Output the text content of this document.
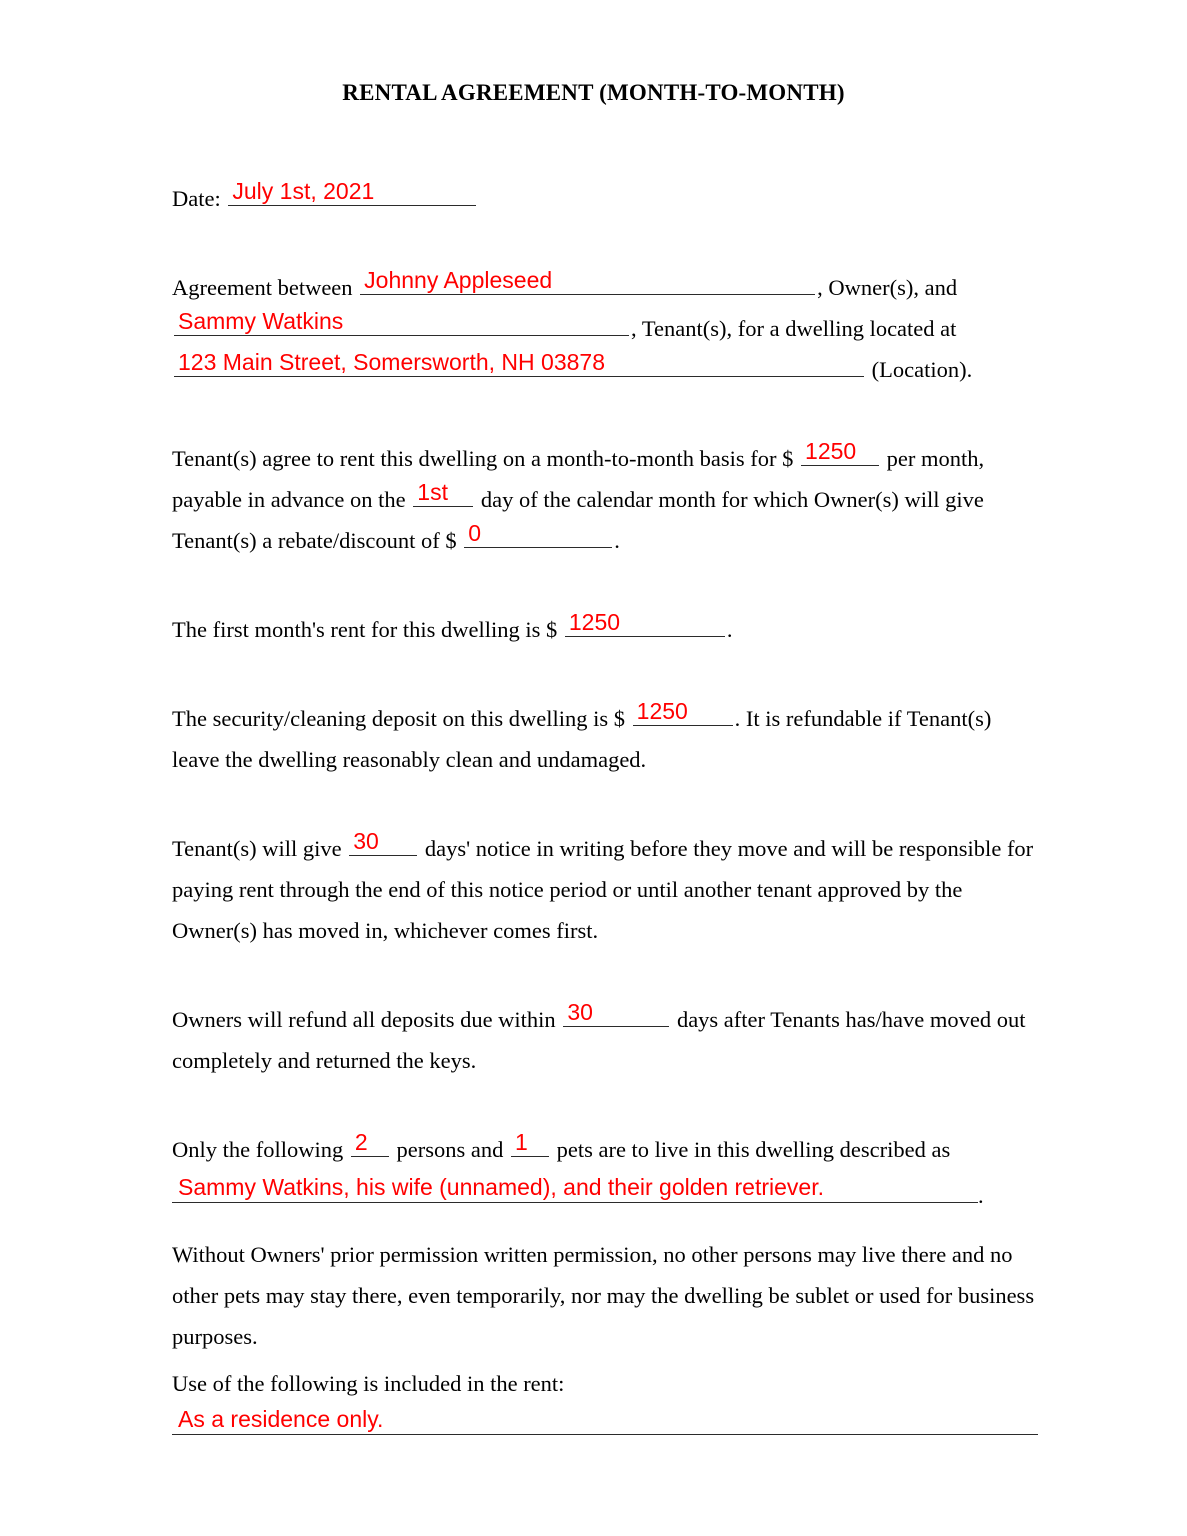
RENTAL AGREEMENT (MONTH-TO-MONTH)
Date: July 1st, 2021
Agreement between Johnny Appleseed	, Owner(s), and
Sammy Watkins	, Tenant(s), for a dwelling located at
123 Main Street, Somersworth, NH 03878
	(Location).
Tenant(s) agree to rent this dwelling on a month-to-month basis for $ 1250 per month, payable in advance on the 1st day of the calendar month for which Owner(s) will give Tenant(s) a rebate/discount of $ 0	.
The first month's rent for this dwelling is $ 1250	.
The security/cleaning deposit on this dwelling is $ 1250 . It is refundable if Tenant(s) leave the dwelling reasonably clean and undamaged.
Tenant(s) will give 30 days' notice in writing before they move and will be responsible for paying rent through the end of this notice period or until another tenant approved by the Owner(s) has moved in, whichever comes first.
Owners will refund all deposits due within 30	days after Tenants has/have moved out completely and returned the keys.
Only the following 2 persons and 1 pets are to live in this dwelling described as
Sammy Watkins, his wife (unnamed), and their golden retriever.	.
Without Owners' prior permission written permission, no other persons may live there and no other pets may stay there, even temporarily, nor may the dwelling be sublet or used for business purposes.
Use of the following is included in the rent:
As a residence only.
